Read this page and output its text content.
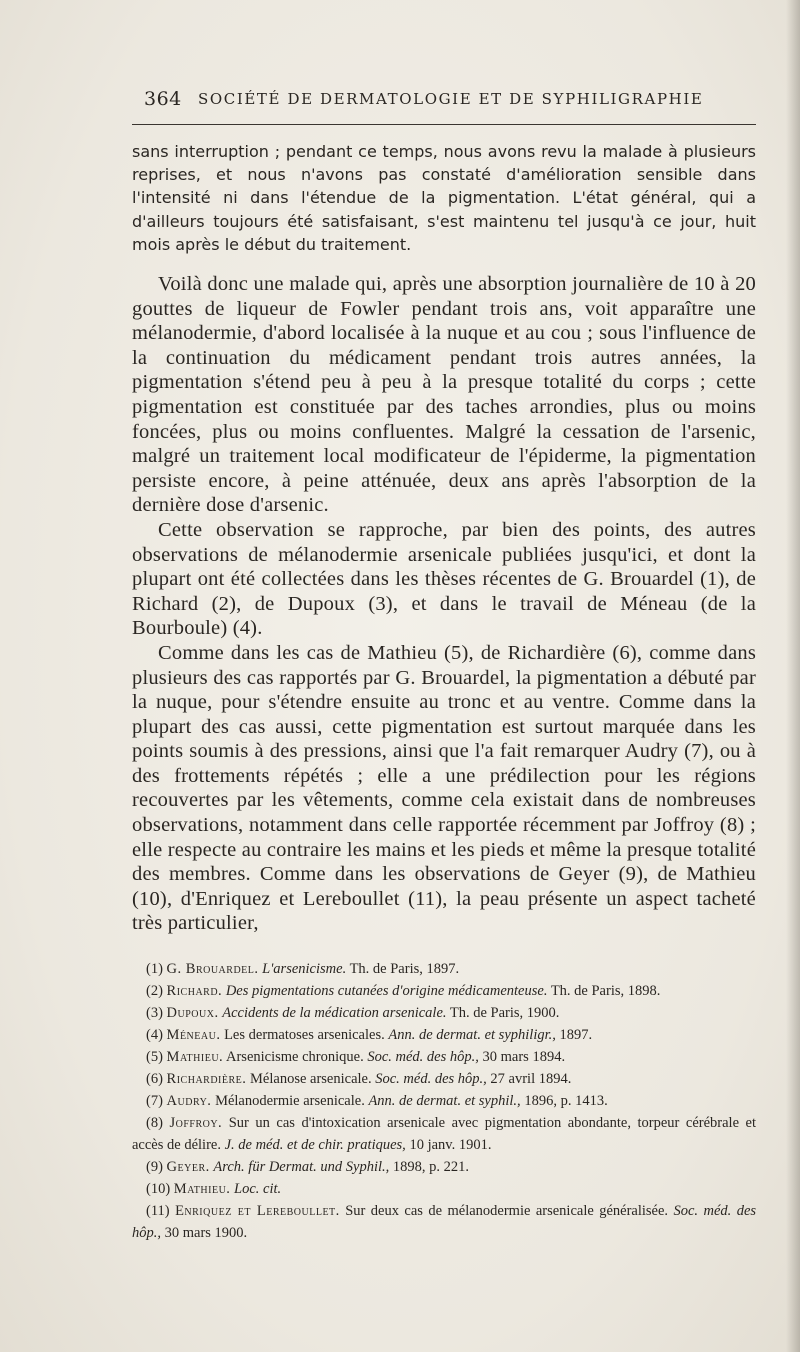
364 SOCIÉTÉ DE DERMATOLOGIE ET DE SYPHILIGRAPHIE

sans interruption ; pendant ce temps, nous avons revu la malade à plusieurs reprises, et nous n'avons pas constaté d'amélioration sensible dans l'intensité ni dans l'étendue de la pigmentation. L'état général, qui a d'ailleurs toujours été satisfaisant, s'est maintenu tel jusqu'à ce jour, huit mois après le début du traitement.

Voilà donc une malade qui, après une absorption journalière de 10 à 20 gouttes de liqueur de Fowler pendant trois ans, voit apparaître une mélanodermie, d'abord localisée à la nuque et au cou ; sous l'influence de la continuation du médicament pendant trois autres années, la pigmentation s'étend peu à peu à la presque totalité du corps ; cette pigmentation est constituée par des taches arrondies, plus ou moins foncées, plus ou moins confluentes. Malgré la cessation de l'arsenic, malgré un traitement local modificateur de l'épiderme, la pigmentation persiste encore, à peine atténuée, deux ans après l'absorption de la dernière dose d'arsenic.

Cette observation se rapproche, par bien des points, des autres observations de mélanodermie arsenicale publiées jusqu'ici, et dont la plupart ont été collectées dans les thèses récentes de G. Brouardel (1), de Richard (2), de Dupoux (3), et dans le travail de Méneau (de la Bourboule) (4).

Comme dans les cas de Mathieu (5), de Richardière (6), comme dans plusieurs des cas rapportés par G. Brouardel, la pigmentation a débuté par la nuque, pour s'étendre ensuite au tronc et au ventre. Comme dans la plupart des cas aussi, cette pigmentation est surtout marquée dans les points soumis à des pressions, ainsi que l'a fait remarquer Audry (7), ou à des frottements répétés ; elle a une prédilection pour les régions recouvertes par les vêtements, comme cela existait dans de nombreuses observations, notamment dans celle rapportée récemment par Joffroy (8) ; elle respecte au contraire les mains et les pieds et même la presque totalité des membres. Comme dans les observations de Geyer (9), de Mathieu (10), d'Enriquez et Lereboullet (11), la peau présente un aspect tacheté très particulier,

(1) G. Brouardel. L'arsenicisme. Th. de Paris, 1897.

(2) Richard. Des pigmentations cutanées d'origine médicamenteuse. Th. de Paris, 1898.

(3) Dupoux. Accidents de la médication arsenicale. Th. de Paris, 1900.

(4) Méneau. Les dermatoses arsenicales. Ann. de dermat. et syphiligr., 1897.

(5) Mathieu. Arsenicisme chronique. Soc. méd. des hôp., 30 mars 1894.

(6) Richardière. Mélanose arsenicale. Soc. méd. des hôp., 27 avril 1894.

(7) Audry. Mélanodermie arsenicale. Ann. de dermat. et syphil., 1896, p. 1413.

(8) Joffroy. Sur un cas d'intoxication arsenicale avec pigmentation abondante, torpeur cérébrale et accès de délire. J. de méd. et de chir. pratiques, 10 janv. 1901.

(9) Geyer. Arch. für Dermat. und Syphil., 1898, p. 221.

(10) Mathieu. Loc. cit.

(11) Enriquez et Lereboullet. Sur deux cas de mélanodermie arsenicale généralisée. Soc. méd. des hôp., 30 mars 1900.
